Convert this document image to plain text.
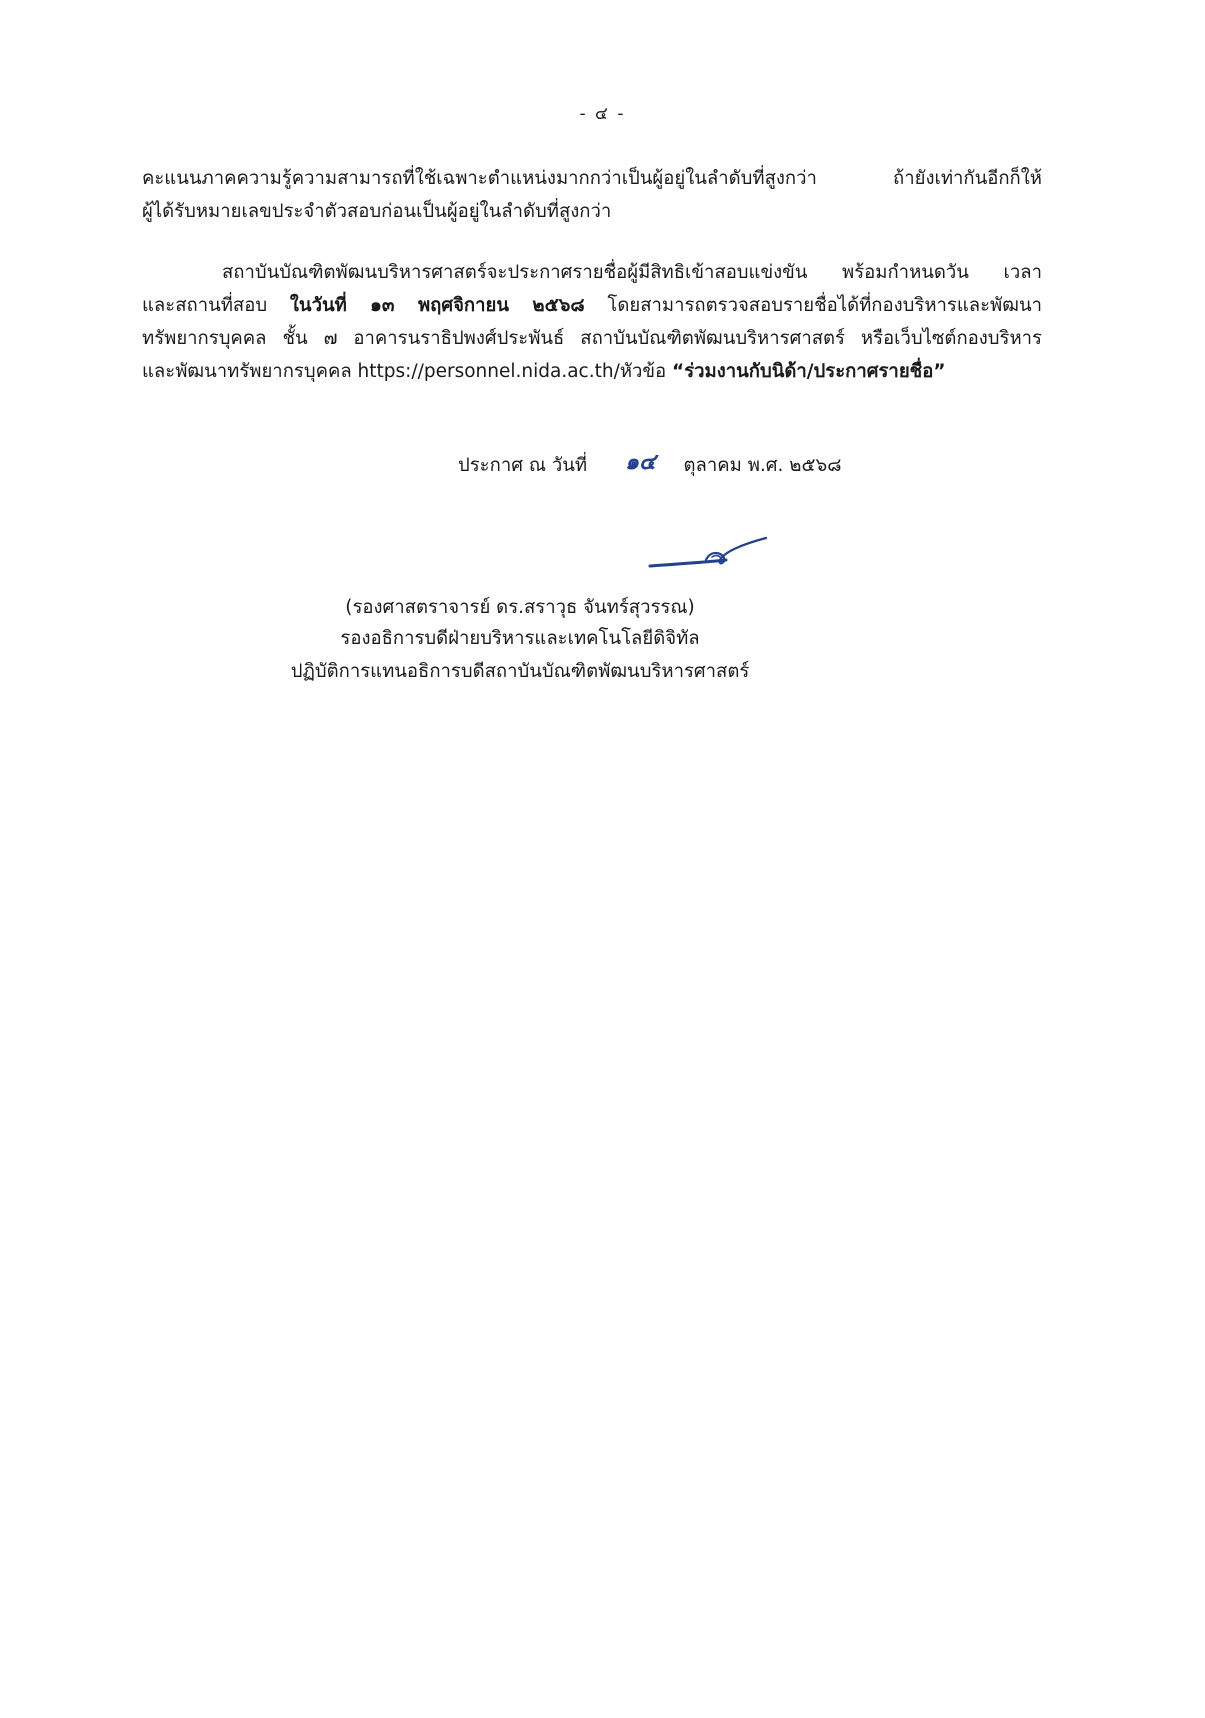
- ๔ -

คะแนนภาคความรู้ความสามารถที่ใช้เฉพาะตำแหน่งมากกว่าเป็นผู้อยู่ในลำดับที่สูงกว่า ถ้ายังเท่ากันอีกก็ให้
ผู้ได้รับหมายเลขประจำตัวสอบก่อนเป็นผู้อยู่ในลำดับที่สูงกว่า

สถาบันบัณฑิตพัฒนบริหารศาสตร์จะประกาศรายชื่อผู้มีสิทธิเข้าสอบแข่งขัน พร้อมกำหนดวัน เวลา
และสถานที่สอบ ในวันที่ ๑๓ พฤศจิกายน ๒๕๖๘ โดยสามารถตรวจสอบรายชื่อได้ที่กองบริหารและพัฒนา
ทรัพยากรบุคคล ชั้น ๗ อาคารนราธิปพงศ์ประพันธ์ สถาบันบัณฑิตพัฒนบริหารศาสตร์ หรือเว็บไซต์กองบริหาร
และพัฒนาทรัพยากรบุคคล https://personnel.nida.ac.th/หัวข้อ “ร่วมงานกับนิด้า/ประกาศรายชื่อ”

ประกาศ ณ วันที่ ๑๔ ตุลาคม พ.ศ. ๒๕๖๘
(รองศาสตราจารย์ ดร.สราวุธ จันทร์สุวรรณ)
รองอธิการบดีฝ่ายบริหารและเทคโนโลยีดิจิทัล
ปฏิบัติการแทนอธิการบดีสถาบันบัณฑิตพัฒนบริหารศาสตร์
